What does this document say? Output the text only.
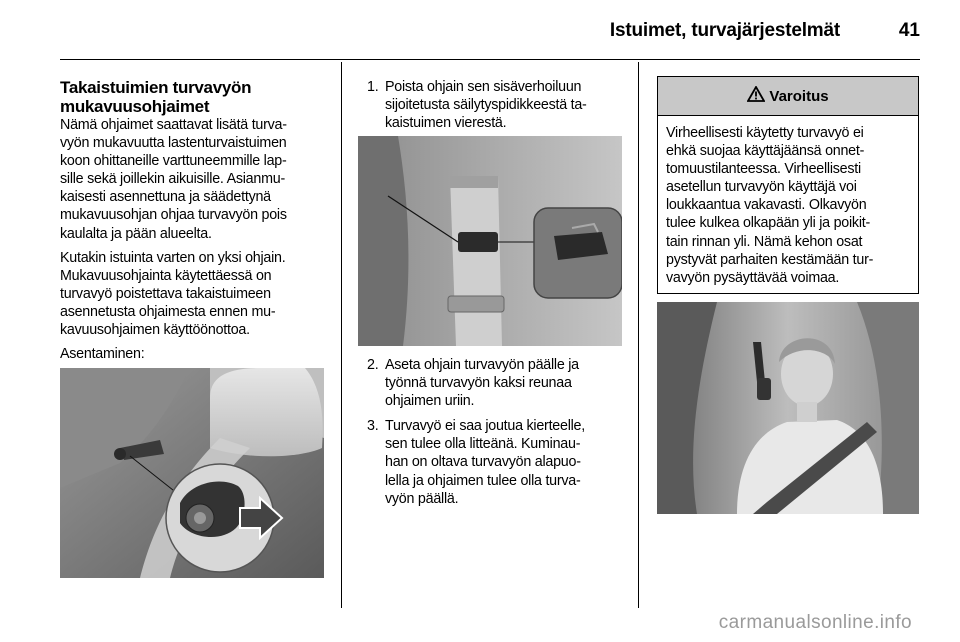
Istuimet, turvajärjestelmät	41
Takaistuimien turvavyön
mukavuusohjaimet
Nämä ohjaimet saattavat lisätä turva-
vyön mukavuutta lastenturvaistuimen
koon ohittaneille varttuneemmille lap-
sille sekä joillekin aikuisille. Asianmu-
kaisesti asennettuna ja säädettynä
mukavuusohjan ohjaa turvavyön pois
kaulalta ja pään alueelta.
Kutakin istuinta varten on yksi ohjain.
Mukavuusohjainta käytettäessä on
turvavyö poistettava takaistuimeen
asennetusta ohjaimesta ennen mu-
kavuusohjaimen käyttöönottoa.
Asentaminen:
1. Poista ohjain sen sisäverhoiluun
sijoitetusta säilytyspidikkeestä ta-
kaistuimen vierestä.
2. Aseta ohjain turvavyön päälle ja
työnnä turvavyön kaksi reunaa
ohjaimen uriin.
3. Turvavyö ei saa joutua kierteelle,
sen tulee olla litteänä. Kuminau-
han on oltava turvavyön alapuo-
lella ja ohjaimen tulee olla turva-
vyön päällä.
Varoitus
Virheellisesti käytetty turvavyö ei
ehkä suojaa käyttäjäänsä onnet-
tomuustilanteessa. Virheellisesti
asetellun turvavyön käyttäjä voi
loukkaantua vakavasti. Olkavyön
tulee kulkea olkapään yli ja poikit-
tain rinnan yli. Nämä kehon osat
pystyvät parhaiten kestämään tur-
vavyön pysäyttävää voimaa.
carmanualsonline.info
